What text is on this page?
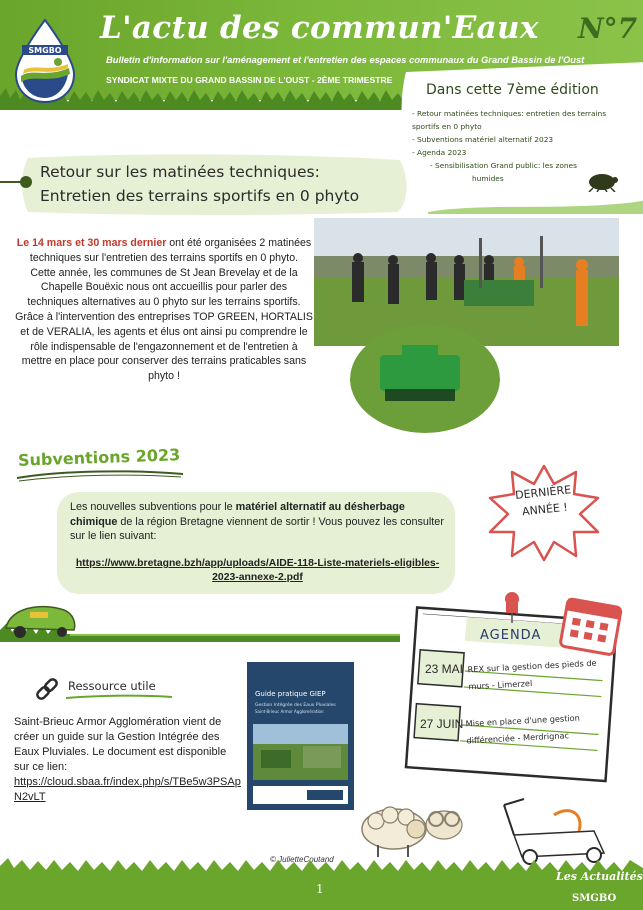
SMGBO
L'actu des commun'Eaux N°7
Bulletin d'information sur l'aménagement et l'entretien des espaces communaux du Grand Bassin de l'Oust
SYNDICAT MIXTE DU GRAND BASSIN DE L'OUST - 2ÈME TRIMESTRE
Dans cette 7ème édition
- Retour matinées techniques: entretien des terrains
sportifs en 0 phyto
- Subventions matériel alternatif 2023
- Agenda 2023
- Sensibilisation Grand public: les zones
humides
Retour sur les matinées techniques:
Entretien des terrains sportifs en 0 phyto
Le 14 mars et 30 mars dernier ont été organisées 2 matinées techniques sur l'entretien des terrains sportifs en 0 phyto.
Cette année, les communes de St Jean Brevelay et de la Chapelle Bouëxic nous ont accueillis pour parler des techniques alternatives au 0 phyto sur les terrains sportifs.
Grâce à l'intervention des entreprises TOP GREEN, HORTALIS et de VERALIA, les agents et élus ont ainsi pu comprendre le rôle indispensable de l'engazonnement et de l'entretien à mettre en place pour conserver des terrains praticables sans phyto !
Subventions 2023
Les nouvelles subventions pour le matériel alternatif au désherbage chimique de la région Bretagne viennent de sortir ! Vous pouvez les consulter sur le lien suivant:
https://www.bretagne.bzh/app/uploads/AIDE-118-Liste-materiels-eligibles-2023-annexe-2.pdf
DERNIÈRE
ANNÉE !
AGENDA
23 MAI REX sur la gestion des pieds de murs - Limerzel
27 JUIN Mise en place d'une gestion différenciée - Merdrignac
Ressource utile
Saint-Brieuc Armor Agglomération vient de créer un guide sur la Gestion Intégrée des Eaux Pluviales. Le document est disponible sur ce lien:
https://cloud.sbaa.fr/index.php/s/TBe5w3PSApN2vLT
Guide pratique GIEP
Gestion Intégrée des Eaux Pluviales
Saint-Brieuc Armor Agglomération
© JulietteCoutand
1
Les Actualités
SMGBO
